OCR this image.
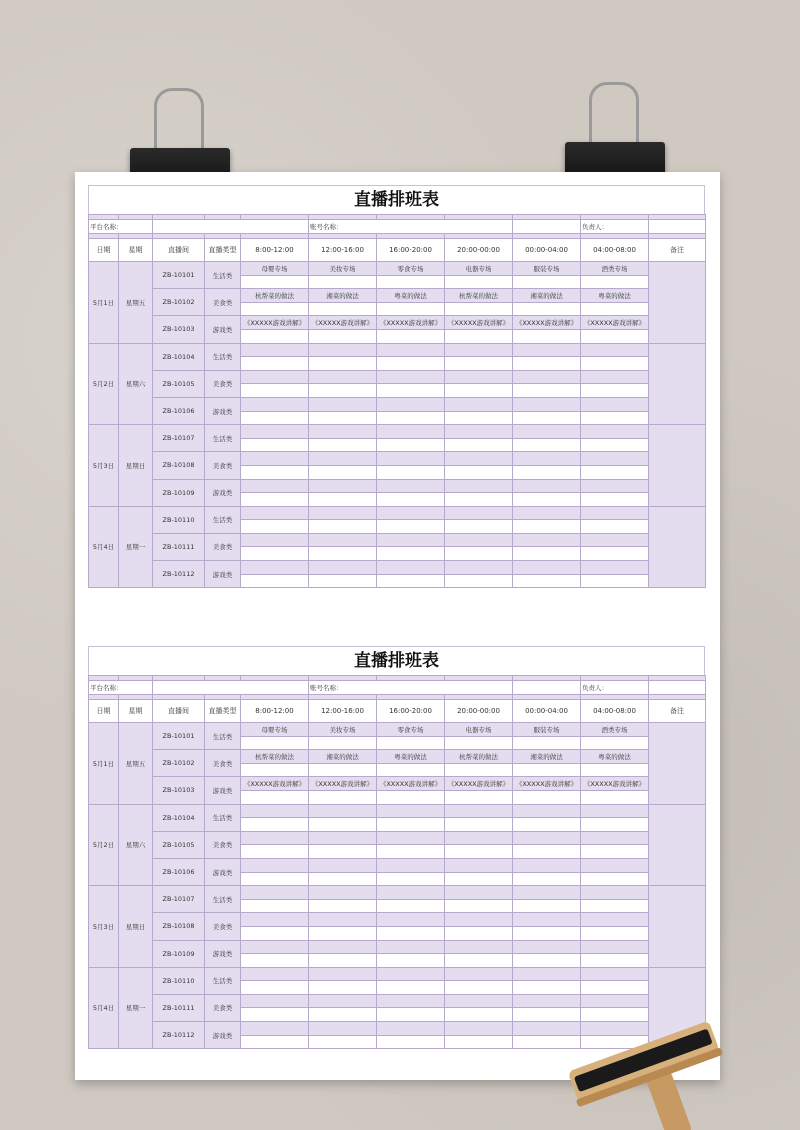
直播排班表

平台名称：					账号名称：				负责人：	

日期	星期	直播间	直播类型	8:00-12:00	12:00-16:00	16:00-20:00	20:00-00:00	00:00-04:00	04:00-08:00	备注
5月1日	星期五	ZB-10101	生活类	母婴专场	美妆专场	零食专场	电器专场	服装专场	酒类专场	

		ZB-10102	美食类	杭帮菜的做法	湘菜的做法	粤菜的做法	杭帮菜的做法	湘菜的做法	粤菜的做法	

		ZB-10103	游戏类	《XXXXX游戏讲解》	《XXXXX游戏讲解》	《XXXXX游戏讲解》	《XXXXX游戏讲解》	《XXXXX游戏讲解》	《XXXXX游戏讲解》	

5月2日	星期六	ZB-10104	生活类							

		ZB-10105	美食类							

		ZB-10106	游戏类							

5月3日	星期日	ZB-10107	生活类							

		ZB-10108	美食类							

		ZB-10109	游戏类							

5月4日	星期一	ZB-10110	生活类							

		ZB-10111	美食类							

		ZB-10112	游戏类							

直播排班表

平台名称：					账号名称：				负责人：	

日期	星期	直播间	直播类型	8:00-12:00	12:00-16:00	16:00-20:00	20:00-00:00	00:00-04:00	04:00-08:00	备注
5月1日	星期五	ZB-10101	生活类	母婴专场	美妆专场	零食专场	电器专场	服装专场	酒类专场	

		ZB-10102	美食类	杭帮菜的做法	湘菜的做法	粤菜的做法	杭帮菜的做法	湘菜的做法	粤菜的做法	

		ZB-10103	游戏类	《XXXXX游戏讲解》	《XXXXX游戏讲解》	《XXXXX游戏讲解》	《XXXXX游戏讲解》	《XXXXX游戏讲解》	《XXXXX游戏讲解》	

5月2日	星期六	ZB-10104	生活类							

		ZB-10105	美食类							

		ZB-10106	游戏类							

5月3日	星期日	ZB-10107	生活类							

		ZB-10108	美食类							

		ZB-10109	游戏类							

5月4日	星期一	ZB-10110	生活类							

		ZB-10111	美食类							

		ZB-10112	游戏类							
